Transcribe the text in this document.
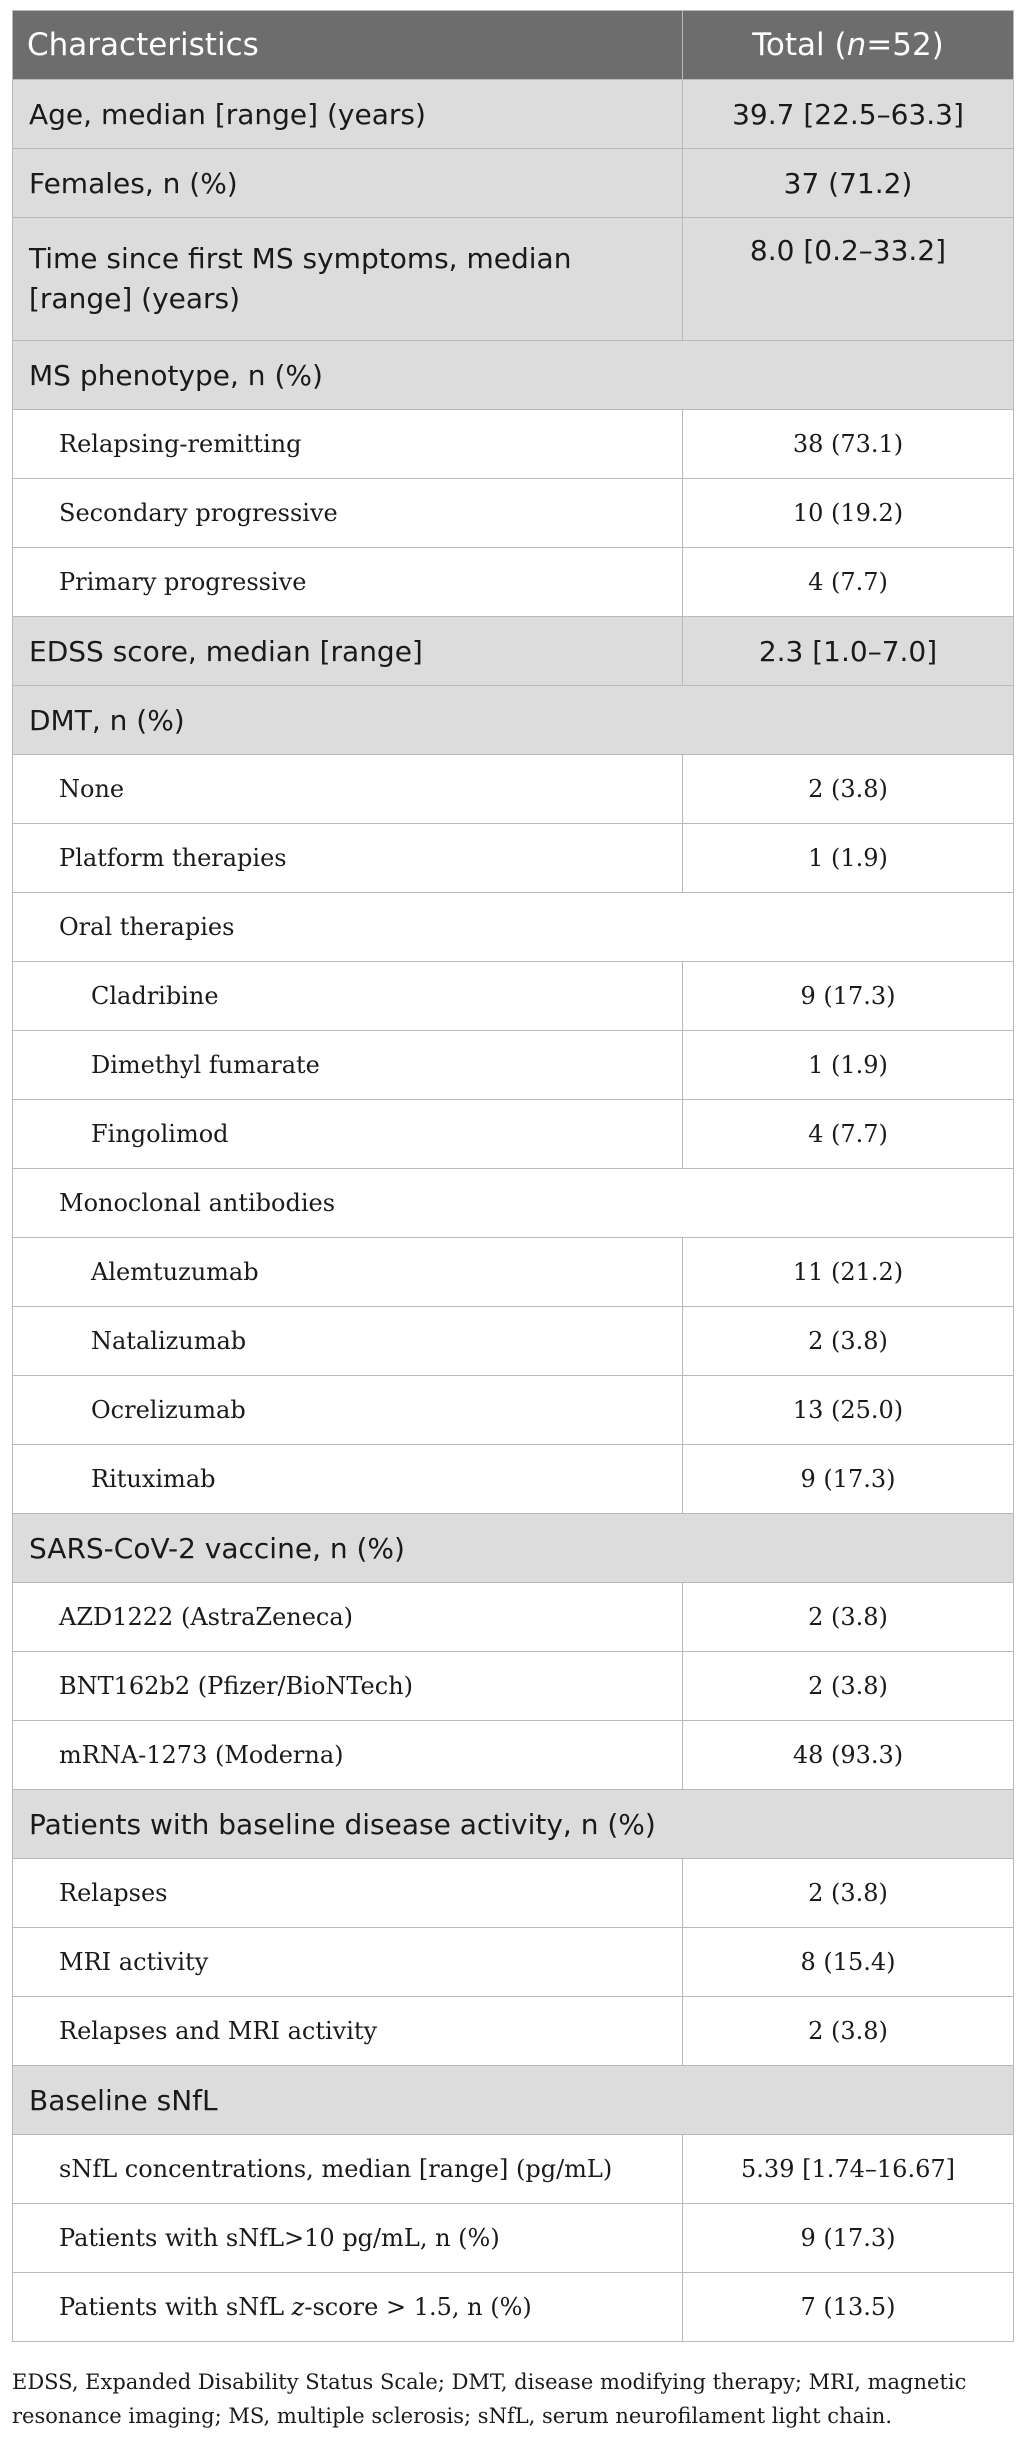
Characteristics	Total (n=52)
Age, median [range] (years)	39.7 [22.5–63.3]
Females, n (%)	37 (71.2)
Time since first MS symptoms, median [range] (years)	8.0 [0.2–33.2]
MS phenotype, n (%)	
Relapsing-remitting	38 (73.1)
Secondary progressive	10 (19.2)
Primary progressive	4 (7.7)
EDSS score, median [range]	2.3 [1.0–7.0]
DMT, n (%)	
None	2 (3.8)
Platform therapies	1 (1.9)
Oral therapies	
Cladribine	9 (17.3)
Dimethyl fumarate	1 (1.9)
Fingolimod	4 (7.7)
Monoclonal antibodies	
Alemtuzumab	11 (21.2)
Natalizumab	2 (3.8)
Ocrelizumab	13 (25.0)
Rituximab	9 (17.3)
SARS-CoV-2 vaccine, n (%)	
AZD1222 (AstraZeneca)	2 (3.8)
BNT162b2 (Pfizer/BioNTech)	2 (3.8)
mRNA-1273 (Moderna)	48 (93.3)
Patients with baseline disease activity, n (%)	
Relapses	2 (3.8)
MRI activity	8 (15.4)
Relapses and MRI activity	2 (3.8)
Baseline sNfL	
sNfL concentrations, median [range] (pg/mL)	5.39 [1.74–16.67]
Patients with sNfL>10 pg/mL, n (%)	9 (17.3)
Patients with sNfL z-score > 1.5, n (%)	7 (13.5)
EDSS, Expanded Disability Status Scale; DMT, disease modifying therapy; MRI, magnetic resonance imaging; MS, multiple sclerosis; sNfL, serum neurofilament light chain.
